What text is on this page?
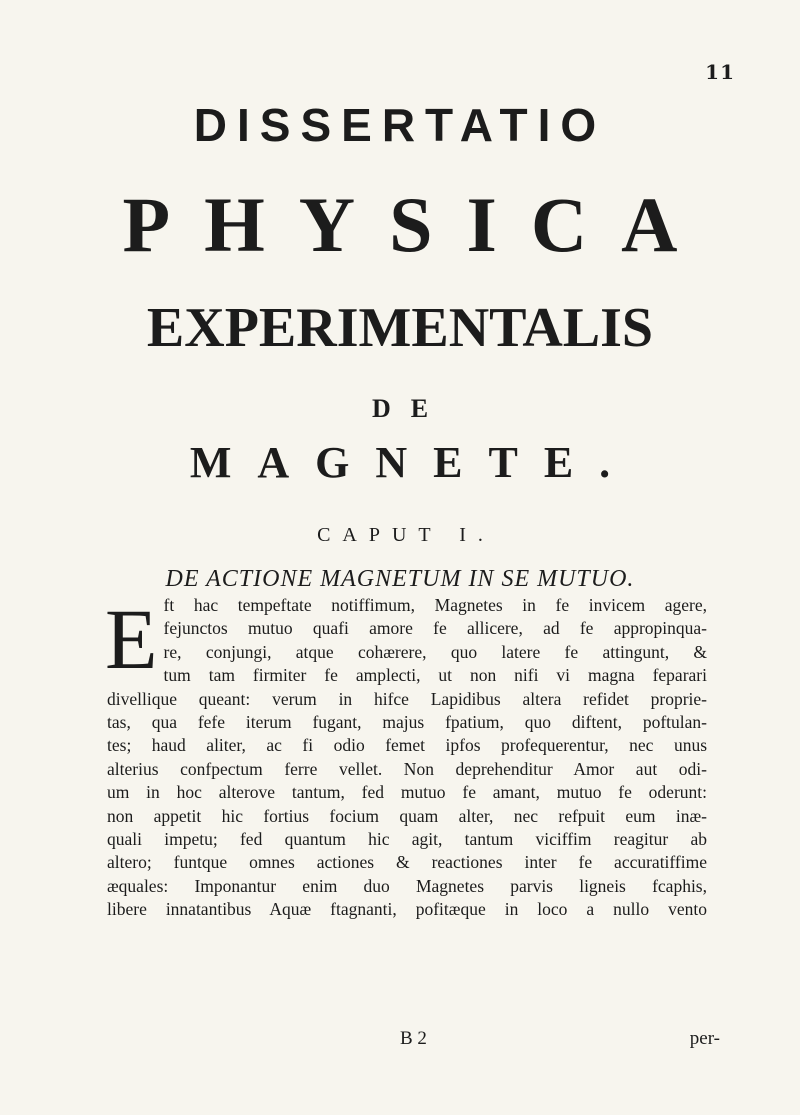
11
DISSERTATIO
PHYSICA
EXPERIMENTALIS
DE
MAGNETE.
CAPUT I.
DE ACTIONE MAGNETUM IN SE MUTUO.
E ft hac tempeftate notiffimum, Magnetes in fe invicem agere,
fejunctos mutuo quafi amore fe allicere, ad fe appropinqua-
re, conjungi, atque cohærere, quo latere fe attingunt, &
tum tam firmiter fe amplecti, ut non nifi vi magna feparari
divellique queant: verum in hifce Lapidibus altera refidet proprie-
tas, qua fefe iterum fugant, majus fpatium, quo diftent, poftulan-
tes; haud aliter, ac fi odio femet ipfos profequerentur, nec unus
alterius confpectum ferre vellet. Non deprehenditur Amor aut odi-
um in hoc alterove tantum, fed mutuo fe amant, mutuo fe oderunt:
non appetit hic fortius focium quam alter, nec refpuit eum inæ-
quali impetu; fed quantum hic agit, tantum viciffim reagitur ab
altero; funtque omnes actiones & reactiones inter fe accuratiffime
æquales: Imponantur enim duo Magnetes parvis ligneis fcaphis,
libere innatantibus Aquæ ftagnanti, pofitæque in loco a nullo vento
B 2	per-
